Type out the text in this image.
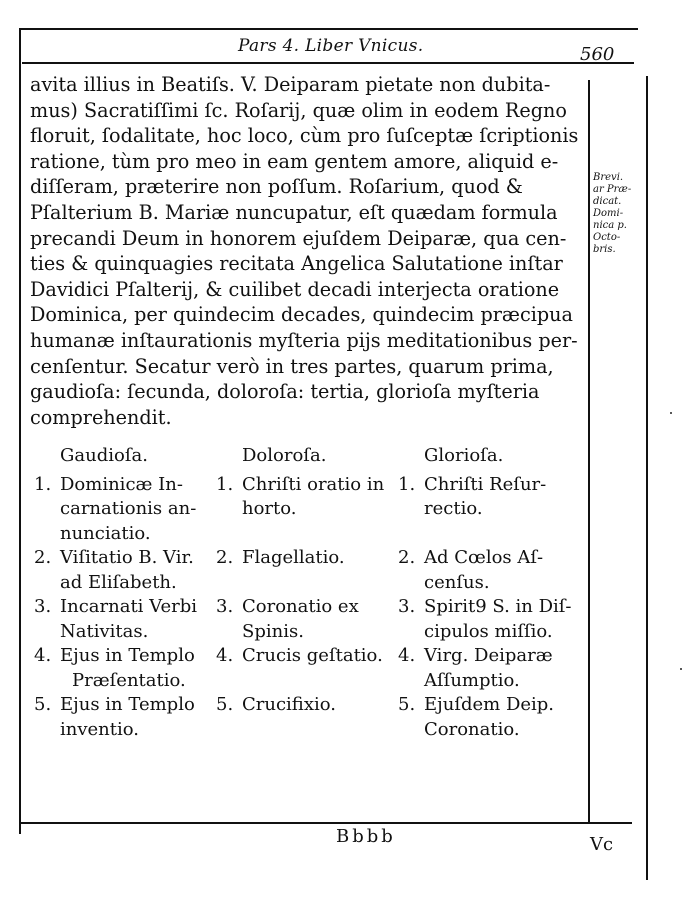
Pars 4. Liber Vnicus.	560
avita illius in Beatiſs. V. Deiparam pietate non dubita-
mus) Sacratiſſimi ſc. Roſarij, quæ olim in eodem Regno
floruit, ſodalitate, hoc loco, cùm pro ſuſceptæ ſcriptionis
ratione, tùm pro meo in eam gentem amore, aliquid e-
diſſeram, præterire non poſſum. Roſarium, quod &
Pſalterium B. Mariæ nuncupatur, eſt quædam formula
precandi Deum in honorem ejuſdem Deiparæ, qua cen-
ties & quinquagies recitata Angelica Salutatione inſtar
Davidici Pſalterij, & cuilibet decadi interjecta oratione
Dominica, per quindecim decades, quindecim præcipua
humanæ inſtaurationis myſteria pijs meditationibus per-
cenſentur. Secatur verò in tres partes, quarum prima,
gaudioſa: ſecunda, doloroſa: tertia, glorioſa myſteria
comprehendit.
Brevi.
ar Præ-
dicat.
Domi-
nica p.
Octo-
bris.
Gaudioſa.
1. Dominicæ In-
carnationis an-
nunciatio.
2. Viſitatio B. Vir.
ad Eliſabeth.
3. Incarnati Verbi
Nativitas.
4. Ejus in Templo
Præſentatio.
5. Ejus in Templo
inventio.
Doloroſa.
1. Chriſti oratio in
horto.
2. Flagellatio.
3. Coronatio ex
Spinis.
4. Crucis geſtatio.
5. Crucifixio.
Glorioſa.
1. Chriſti Reſur-
rectio.
2. Ad Cœlos Aſ-
cenſus.
3. Spirit9 S. in Diſ-
cipulos miſſio.
4. Virg. Deiparæ
Aſſumptio.
5. Ejuſdem Deip.
Coronatio.
Bbbb	Vc
